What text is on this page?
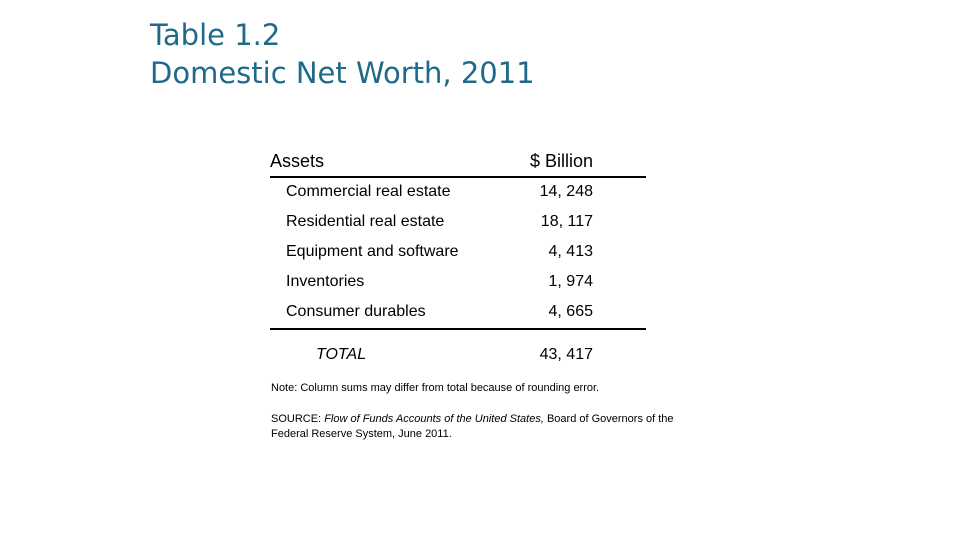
Table 1.2
Domestic Net Worth, 2011
Assets	$ Billion
Commercial real estate	14, 248
Residential real estate	18, 117
Equipment and software	4, 413
Inventories	1, 974
Consumer durables	4, 665
TOTAL	43, 417
Note: Column sums may differ from total because of rounding error.
SOURCE: Flow of Funds Accounts of the United States, Board of Governors of the Federal Reserve System, June 2011.
